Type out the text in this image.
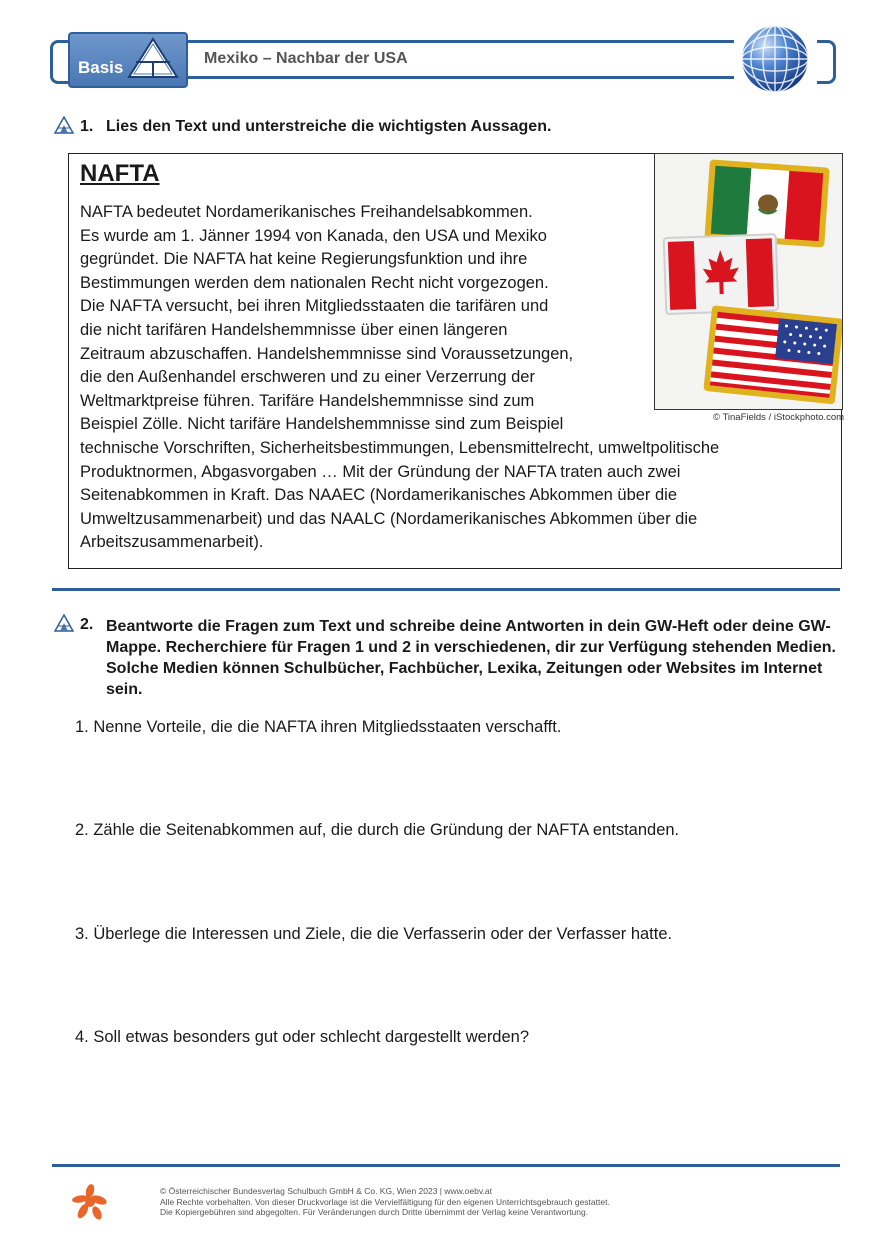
Basis	Mexiko – Nachbar der USA
1. Lies den Text und unterstreiche die wichtigsten Aussagen.
NAFTA
NAFTA bedeutet Nordamerikanisches Freihandelsabkommen.
Es wurde am 1. Jänner 1994 von Kanada, den USA und Mexiko
gegründet. Die NAFTA hat keine Regierungsfunktion und ihre
Bestimmungen werden dem nationalen Recht nicht vorgezogen.
Die NAFTA versucht, bei ihren Mitgliedsstaaten die tarifären und
die nicht tarifären Handelshemmnisse über einen längeren
Zeitraum abzuschaffen. Handelshemmnisse sind Voraussetzungen,
die den Außenhandel erschweren und zu einer Verzerrung der
Weltmarktpreise führen. Tarifäre Handelshemmnisse sind zum
Beispiel Zölle. Nicht tarifäre Handelshemmnisse sind zum Beispiel
technische Vorschriften, Sicherheitsbestimmungen, Lebensmittelrecht, umweltpolitische
Produktnormen, Abgasvorgaben … Mit der Gründung der NAFTA traten auch zwei
Seitenabkommen in Kraft. Das NAAEC (Nordamerikanisches Abkommen über die
Umweltzusammenarbeit) und das NAALC (Nordamerikanisches Abkommen über die
Arbeitszusammenarbeit).
© TinaFields / iStockphoto.com
2. Beantworte die Fragen zum Text und schreibe deine Antworten in dein GW-Heft oder deine GW-Mappe. Recherchiere für Fragen 1 und 2 in verschiedenen, dir zur Verfügung stehenden Medien. Solche Medien können Schulbücher, Fachbücher, Lexika, Zeitungen oder Websites im Internet sein.
1. Nenne Vorteile, die die NAFTA ihren Mitgliedsstaaten verschafft.
2. Zähle die Seitenabkommen auf, die durch die Gründung der NAFTA entstanden.
3. Überlege die Interessen und Ziele, die die Verfasserin oder der Verfasser hatte.
4. Soll etwas besonders gut oder schlecht dargestellt werden?
© Österreichischer Bundesverlag Schulbuch GmbH & Co. KG, Wien 2023 | www.oebv.at
Alle Rechte vorbehalten. Von dieser Druckvorlage ist die Vervielfältigung für den eigenen Unterrichtsgebrauch gestattet.
Die Kopiergebühren sind abgegolten. Für Veränderungen durch Dritte übernimmt der Verlag keine Verantwortung.
